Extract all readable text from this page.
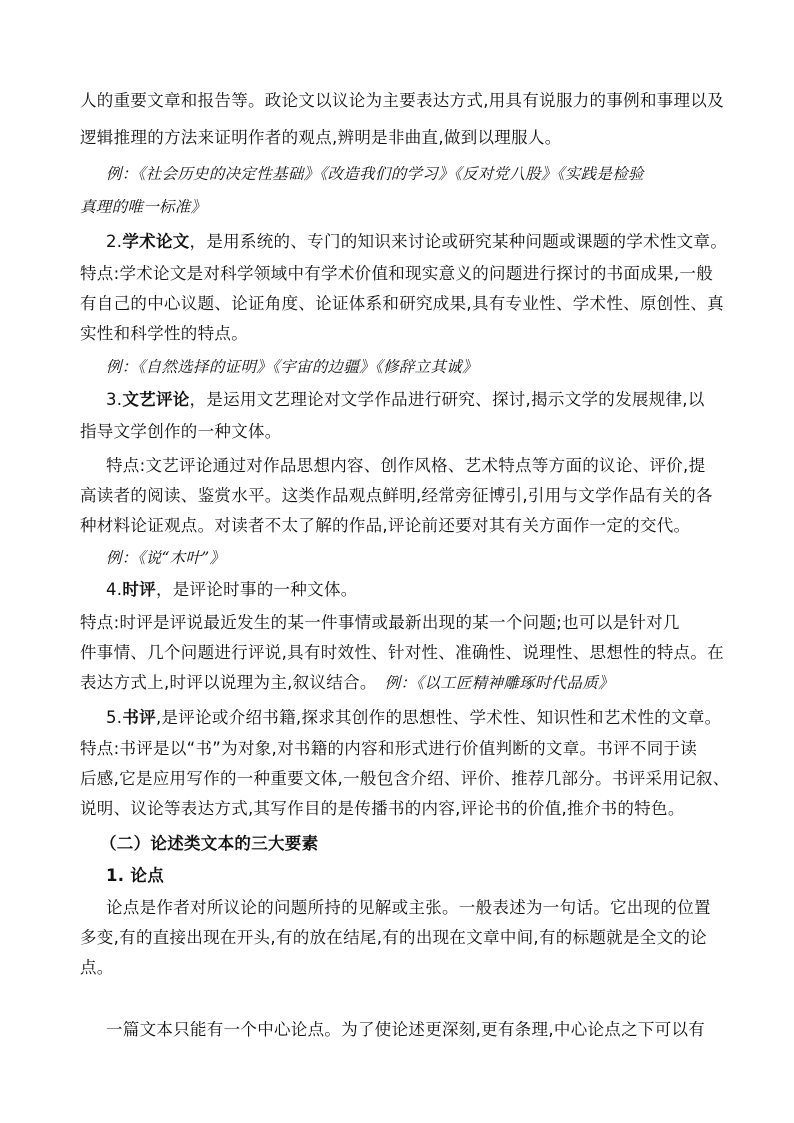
人的重要文章和报告等。政论文以议论为主要表达方式,用具有说服力的事例和事理以及
逻辑推理的方法来证明作者的观点,辨明是非曲直,做到以理服人。
例：《社会历史的决定性基础》《改造我们的学习》《反对党八股》《实践是检验
真理的唯一标准》
2.学术论文，是用系统的、专门的知识来讨论或研究某种问题或课题的学术性文章。
特点:学术论文是对科学领域中有学术价值和现实意义的问题进行探讨的书面成果,一般
有自己的中心议题、论证角度、论证体系和研究成果,具有专业性、学术性、原创性、真
实性和科学性的特点。
例：《自然选择的证明》《宇宙的边疆》《修辞立其诚》
3.文艺评论，是运用文艺理论对文学作品进行研究、探讨,揭示文学的发展规律,以
指导文学创作的一种文体。
特点:文艺评论通过对作品思想内容、创作风格、艺术特点等方面的议论、评价,提
高读者的阅读、鉴赏水平。这类作品观点鲜明,经常旁征博引,引用与文学作品有关的各
种材料论证观点。对读者不太了解的作品,评论前还要对其有关方面作一定的交代。
例：《说“木叶”》
4.时评，是评论时事的一种文体。
特点:时评是评说最近发生的某一件事情或最新出现的某一个问题;也可以是针对几
件事情、几个问题进行评说,具有时效性、针对性、准确性、说理性、思想性的特点。在
表达方式上,时评以说理为主,叙议结合。 例：《以工匠精神雕琢时代品质》
5.书评,是评论或介绍书籍,探求其创作的思想性、学术性、知识性和艺术性的文章。
特点:书评是以“书”为对象,对书籍的内容和形式进行价值判断的文章。书评不同于读
后感,它是应用写作的一种重要文体,一般包含介绍、评价、推荐几部分。书评采用记叙、
说明、议论等表达方式,其写作目的是传播书的内容,评论书的价值,推介书的特色。
（二）论述类文本的三大要素
1. 论点
论点是作者对所议论的问题所持的见解或主张。一般表述为一句话。它出现的位置
多变,有的直接出现在开头,有的放在结尾,有的出现在文章中间,有的标题就是全文的论
点。
一篇文本只能有一个中心论点。为了使论述更深刻,更有条理,中心论点之下可以有
